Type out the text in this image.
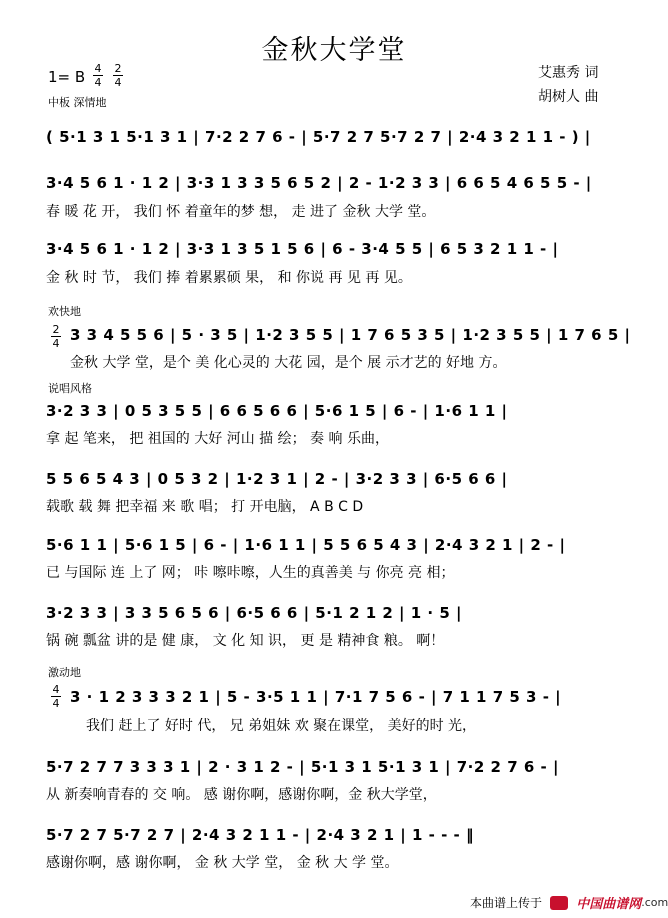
金秋大学堂
1= B 4
4
2
4
中板 深情地
艾惠秀 词
胡树人 曲
( 5·1 3 1 5·1 3 1 | 7·2 2 7 6 - | 5·7 2 7 5·7 2 7 | 2·4 3 2 1 1 - ) |
3·4 5 6 1 · 1 2 | 3·3 1 3 3 5 6 5 2 | 2 - 1·2 3 3 | 6 6 5 4 6 5 5 - |
春 暖 花 开， 我们 怀 着童年的梦 想， 走 进了 金秋 大学 堂。
3·4 5 6 1 · 1 2 | 3·3 1 3 5 1 5 6 | 6 - 3·4 5 5 | 6 5 3 2 1 1 - |
金 秋 时 节， 我们 捧 着累累硕 果， 和 你说 再 见 再 见。
欢快地
2
4 3 3 4 5 5 6 | 5 · 3 5 | 1·2 3 5 5 | 1 7 6 5 3 5 | 1·2 3 5 5 | 1 7 6 5 |
金秋 大学 堂，是个 美 化心灵的 大花 园，是个 展 示才艺的 好地 方。
说唱风格
3·2 3 3 | 0 5 3 5 5 | 6 6 5 6 6 | 5·6 1 5 | 6 - | 1·6 1 1 |
拿 起 笔来， 把 祖国的 大好 河山 描 绘； 奏 响 乐曲，
5 5 6 5 4 3 | 0 5 3 2 | 1·2 3 1 | 2 - | 3·2 3 3 | 6·5 6 6 |
载歌 载 舞 把幸福 来 歌 唱； 打 开电脑， A B C D
5·6 1 1 | 5·6 1 5 | 6 - | 1·6 1 1 | 5 5 6 5 4 3 | 2·4 3 2 1 | 2 - |
已 与国际 连 上了 网； 咔 嚓咔嚓，人生的真善美 与 你亮 亮 相；
3·2 3 3 | 3 3 5 6 5 6 | 6·5 6 6 | 5·1 2 1 2 | 1 · 5 |
锅 碗 瓢盆 讲的是 健 康， 文 化 知 识， 更 是 精神食 粮。 啊！
激动地
4
4 3 · 1 2 3 3 3 2 1 | 5 - 3·5 1 1 | 7·1 7 5 6 - | 7 1 1 7 5 3 - |
我们 赶上了 好时 代， 兄 弟姐妹 欢 聚在课堂， 美好的时 光，
5·7 2 7 7 3 3 3 1 | 2 · 3 1 2 - | 5·1 3 1 5·1 3 1 | 7·2 2 7 6 - |
从 新奏响青春的 交 响。 感 谢你啊，感谢你啊，金 秋大学堂，
5·7 2 7 5·7 2 7 | 2·4 3 2 1 1 - | 2·4 3 2 1 | 1 - - - ‖
感谢你啊，感 谢你啊， 金 秋 大学 堂， 金 秋 大 学 堂。
本曲谱上传于	中国曲谱网.com
